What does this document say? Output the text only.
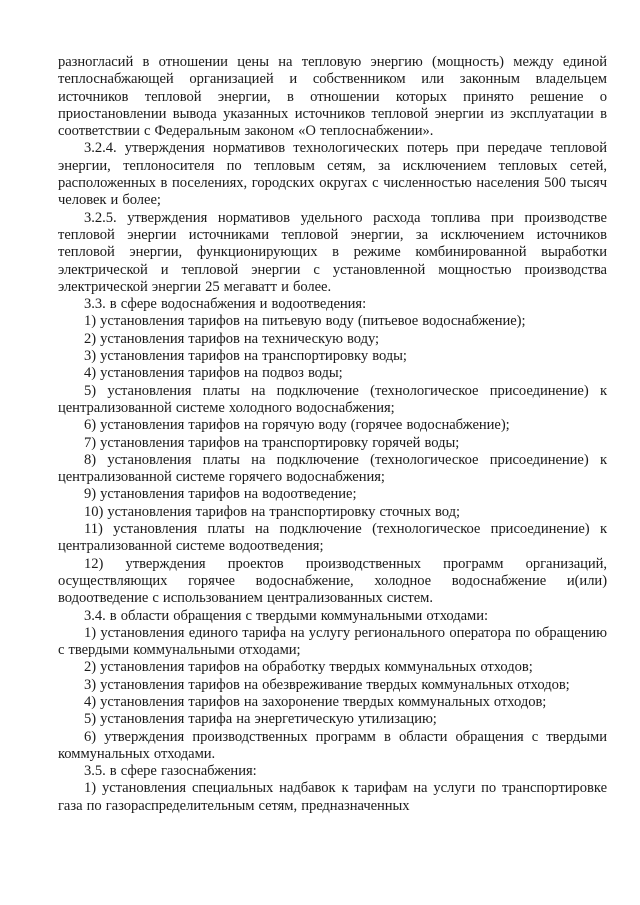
разногласий в отношении цены на тепловую энергию (мощность) между единой теплоснабжающей организацией и собственником или законным владельцем источников тепловой энергии, в отношении которых принято решение о приостановлении вывода указанных источников тепловой энергии из эксплуатации в соответствии с Федеральным законом «О теплоснабжении».

3.2.4. утверждения нормативов технологических потерь при передаче тепловой энергии, теплоносителя по тепловым сетям, за исключением тепловых сетей, расположенных в поселениях, городских округах с численностью населения 500 тысяч человек и более;

3.2.5. утверждения нормативов удельного расхода топлива при производстве тепловой энергии источниками тепловой энергии, за исключением источников тепловой энергии, функционирующих в режиме комбинированной выработки электрической и тепловой энергии с установленной мощностью производства электрической энергии 25 мегаватт и более.

3.3. в сфере водоснабжения и водоотведения:

1) установления тарифов на питьевую воду (питьевое водоснабжение);

2) установления тарифов на техническую воду;

3) установления тарифов на транспортировку воды;

4) установления тарифов на подвоз воды;

5) установления платы на подключение (технологическое присоединение) к централизованной системе холодного водоснабжения;

6) установления тарифов на горячую воду (горячее водоснабжение);

7) установления тарифов на транспортировку горячей воды;

8) установления платы на подключение (технологическое присоединение) к централизованной системе горячего водоснабжения;

9) установления тарифов на водоотведение;

10) установления тарифов на транспортировку сточных вод;

11) установления платы на подключение (технологическое присоединение) к централизованной системе водоотведения;

12) утверждения проектов производственных программ организаций, осуществляющих горячее водоснабжение, холодное водоснабжение и(или) водоотведение с использованием централизованных систем.

3.4. в области обращения с твердыми коммунальными отходами:

1) установления единого тарифа на услугу регионального оператора по обращению с твердыми коммунальными отходами;

2) установления тарифов на обработку твердых коммунальных отходов;

3) установления тарифов на обезвреживание твердых коммунальных отходов;

4) установления тарифов на захоронение твердых коммунальных отходов;

5) установления тарифа на энергетическую утилизацию;

6) утверждения производственных программ в области обращения с твердыми коммунальных отходами.

3.5. в сфере газоснабжения:

1) установления специальных надбавок к тарифам на услуги по транспортировке газа по газораспределительным сетям, предназначенных
